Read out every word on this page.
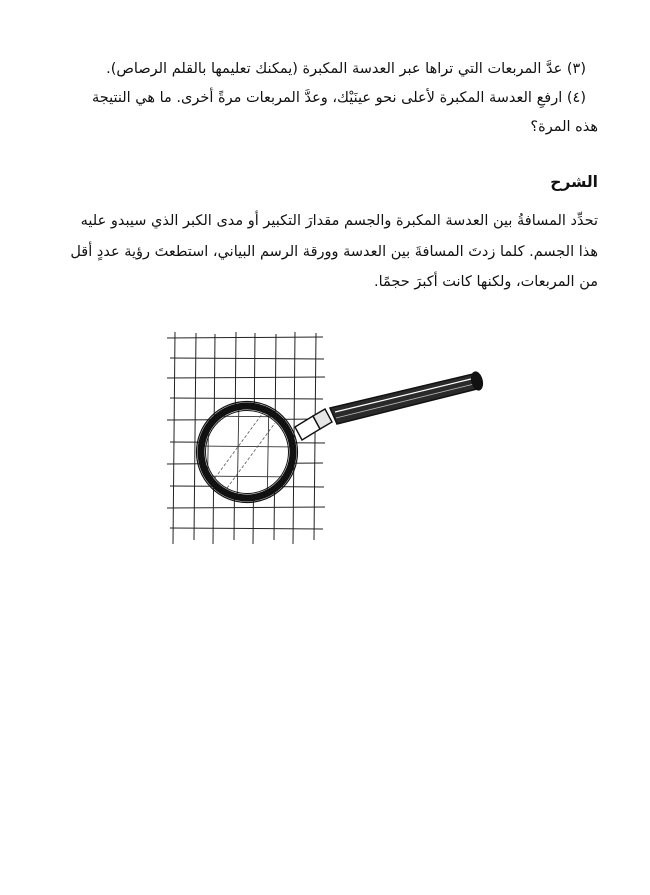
(٣) عدَّ المربعات التي تراها عبر العدسة المكبرة (يمكنك تعليمها بالقلم الرصاص).

(٤) ارفعِ العدسة المكبرة لأعلى نحو عينَيْك، وعدَّ المربعات مرةً أخرى. ما هي النتيجة

هذه المرة؟

الشرح

تحدِّد المسافةُ بين العدسة المكبرة والجسم مقدارَ التكبير أو مدى الكبر الذي سيبدو عليه

هذا الجسم. كلما زدتَ المسافةَ بين العدسة وورقة الرسم البياني، استطعتَ رؤية عددٍ أقل

من المربعات، ولكنها كانت أكبرَ حجمًا.
